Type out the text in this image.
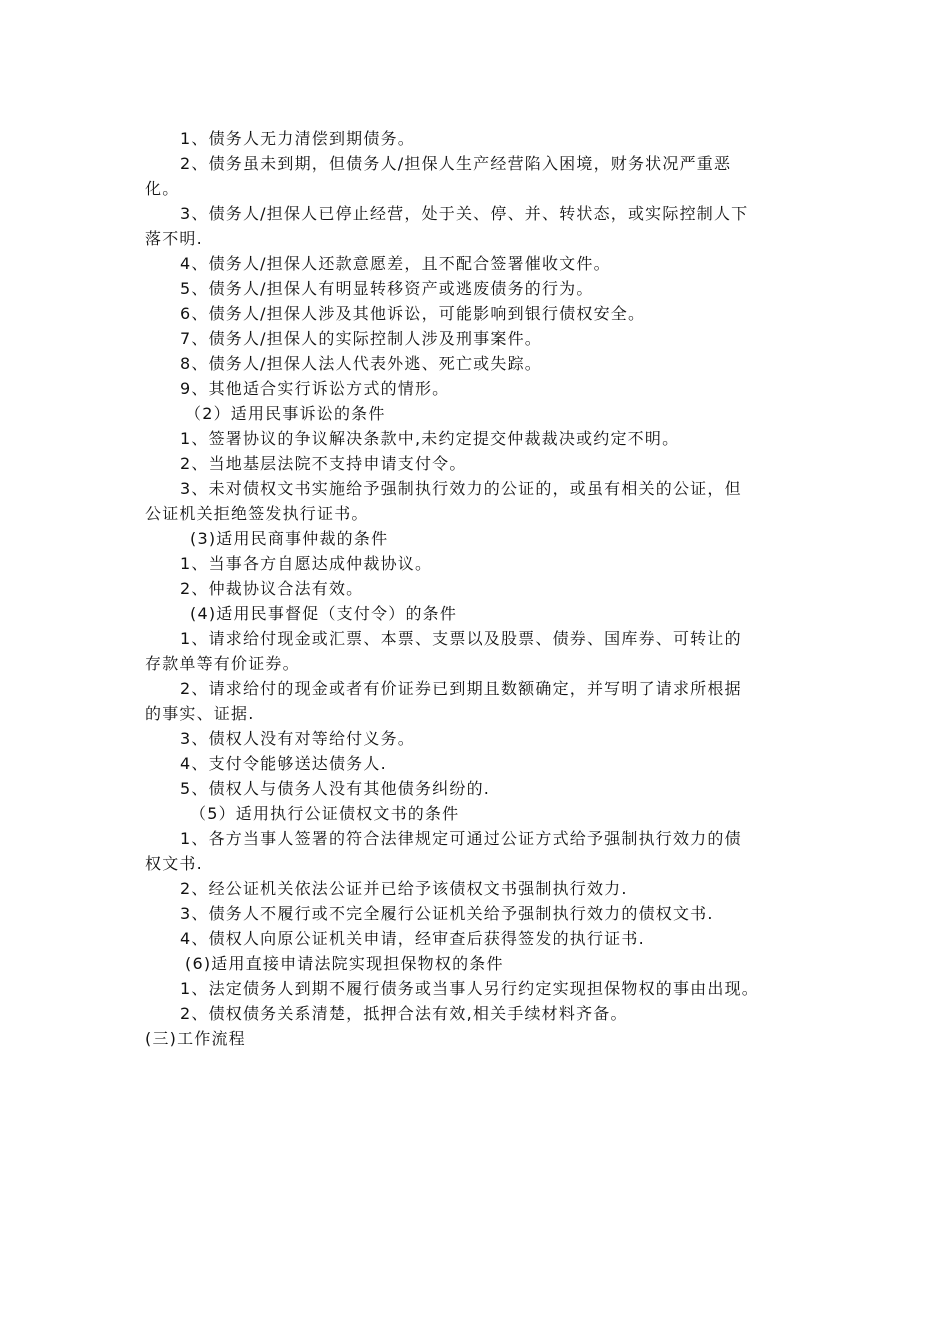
1、债务人无力清偿到期债务。
2、债务虽未到期，但债务人/担保人生产经营陷入困境，财务状况严重恶
化。
3、债务人/担保人已停止经营，处于关、停、并、转状态，或实际控制人下
落不明.
4、债务人/担保人还款意愿差，且不配合签署催收文件。
5、债务人/担保人有明显转移资产或逃废债务的行为。
6、债务人/担保人涉及其他诉讼，可能影响到银行债权安全。
7、债务人/担保人的实际控制人涉及刑事案件。
8、债务人/担保人法人代表外逃、死亡或失踪。
9、其他适合实行诉讼方式的情形。
（2）适用民事诉讼的条件
1、签署协议的争议解决条款中,未约定提交仲裁裁决或约定不明。
2、当地基层法院不支持申请支付令。
3、未对债权文书实施给予强制执行效力的公证的，或虽有相关的公证，但
公证机关拒绝签发执行证书。
(3)适用民商事仲裁的条件
1、当事各方自愿达成仲裁协议。
2、仲裁协议合法有效。
(4)适用民事督促（支付令）的条件
1、请求给付现金或汇票、本票、支票以及股票、债券、国库券、可转让的
存款单等有价证券。
2、请求给付的现金或者有价证券已到期且数额确定，并写明了请求所根据
的事实、证据.
3、债权人没有对等给付义务。
4、支付令能够送达债务人.
5、债权人与债务人没有其他债务纠纷的.
（5）适用执行公证债权文书的条件
1、各方当事人签署的符合法律规定可通过公证方式给予强制执行效力的债
权文书.
2、经公证机关依法公证并已给予该债权文书强制执行效力.
3、债务人不履行或不完全履行公证机关给予强制执行效力的债权文书.
4、债权人向原公证机关申请，经审查后获得签发的执行证书.
(6)适用直接申请法院实现担保物权的条件
1、法定债务人到期不履行债务或当事人另行约定实现担保物权的事由出现。
2、债权债务关系清楚，抵押合法有效,相关手续材料齐备。
(三)工作流程
